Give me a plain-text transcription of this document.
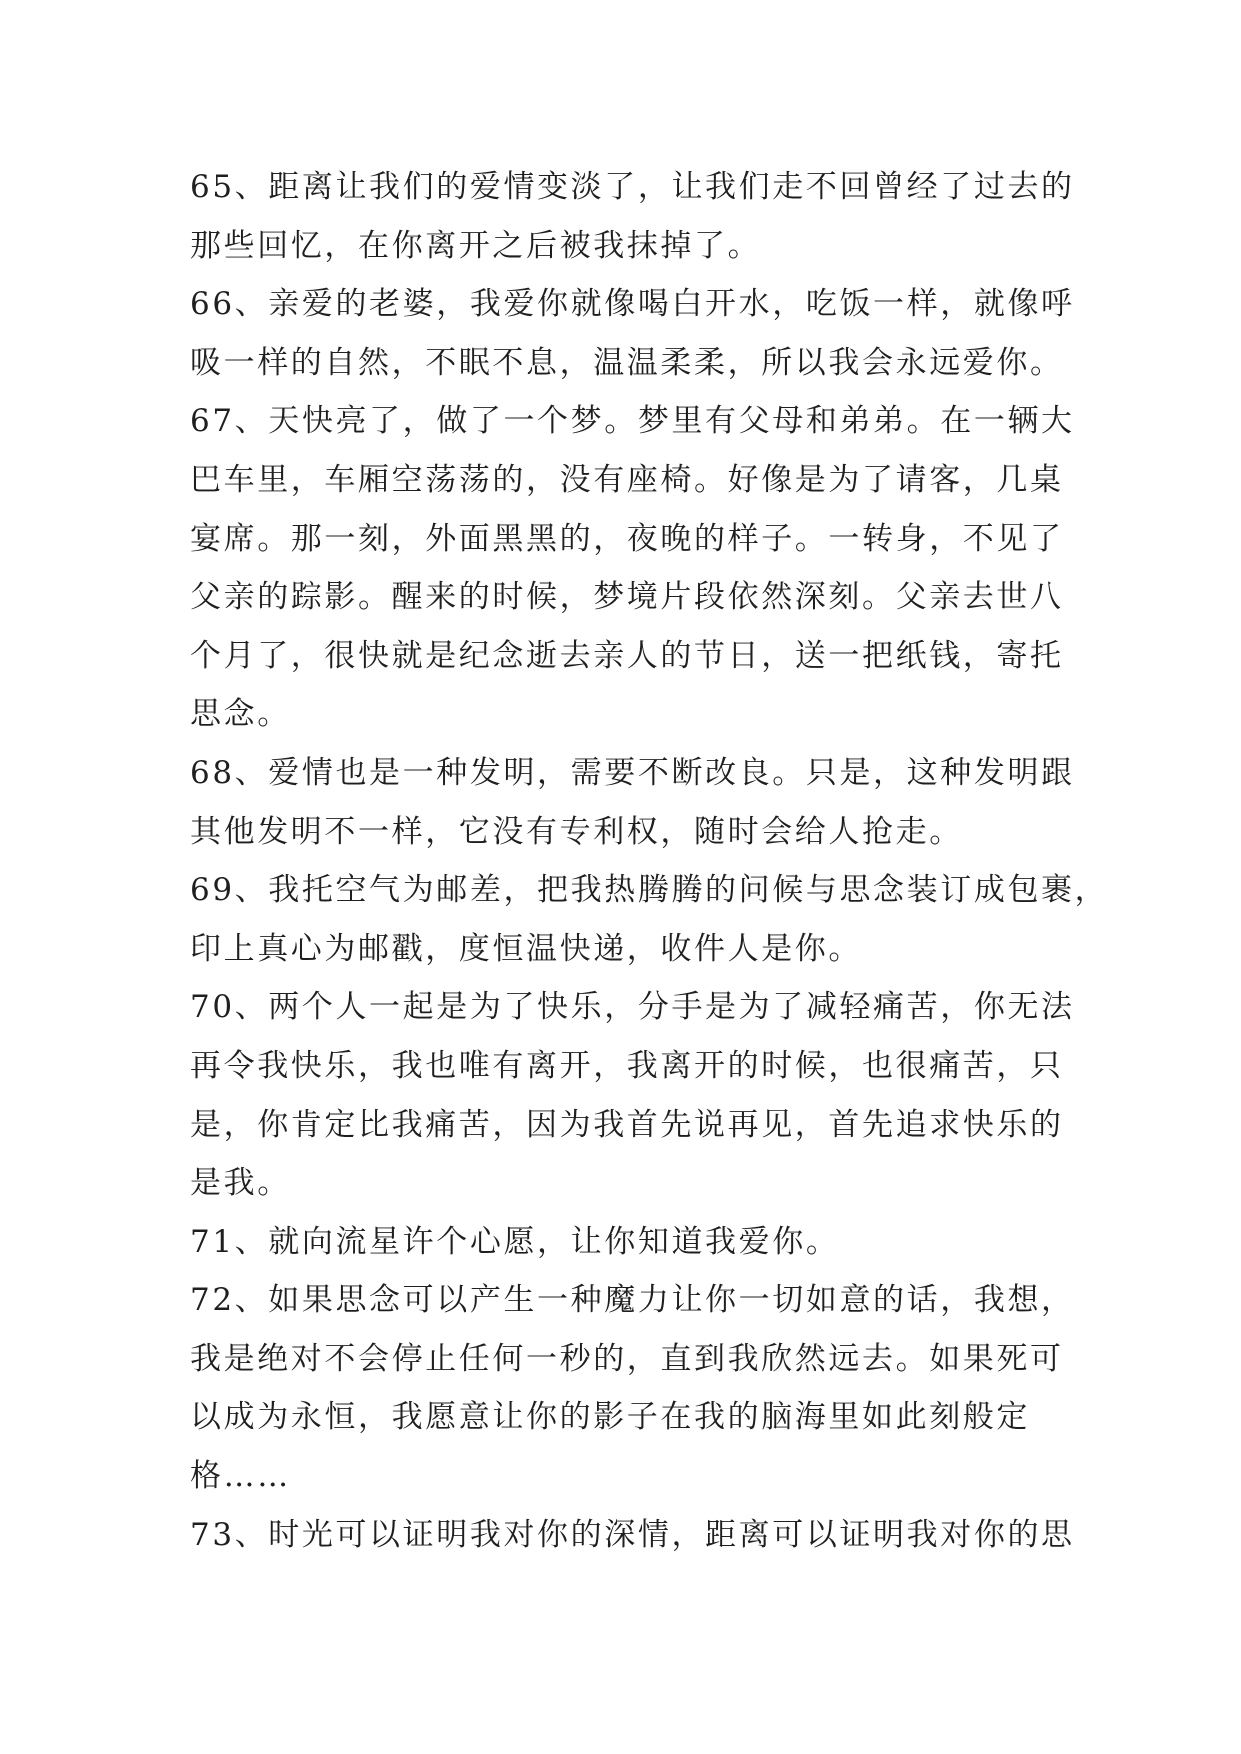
65、距离让我们的爱情变淡了，让我们走不回曾经了过去的
那些回忆，在你离开之后被我抹掉了。
66、亲爱的老婆，我爱你就像喝白开水，吃饭一样，就像呼
吸一样的自然，不眠不息，温温柔柔，所以我会永远爱你。
67、天快亮了，做了一个梦。梦里有父母和弟弟。在一辆大
巴车里，车厢空荡荡的，没有座椅。好像是为了请客，几桌
宴席。那一刻，外面黑黑的，夜晚的样子。一转身，不见了
父亲的踪影。醒来的时候，梦境片段依然深刻。父亲去世八
个月了，很快就是纪念逝去亲人的节日，送一把纸钱，寄托
思念。
68、爱情也是一种发明，需要不断改良。只是，这种发明跟
其他发明不一样，它没有专利权，随时会给人抢走。
69、我托空气为邮差，把我热腾腾的问候与思念装订成包裹，
印上真心为邮戳，度恒温快递，收件人是你。
70、两个人一起是为了快乐，分手是为了减轻痛苦，你无法
再令我快乐，我也唯有离开，我离开的时候，也很痛苦，只
是，你肯定比我痛苦，因为我首先说再见，首先追求快乐的
是我。
71、就向流星许个心愿，让你知道我爱你。
72、如果思念可以产生一种魔力让你一切如意的话，我想，
我是绝对不会停止任何一秒的，直到我欣然远去。如果死可
以成为永恒，我愿意让你的影子在我的脑海里如此刻般定
格……
73、时光可以证明我对你的深情，距离可以证明我对你的思
